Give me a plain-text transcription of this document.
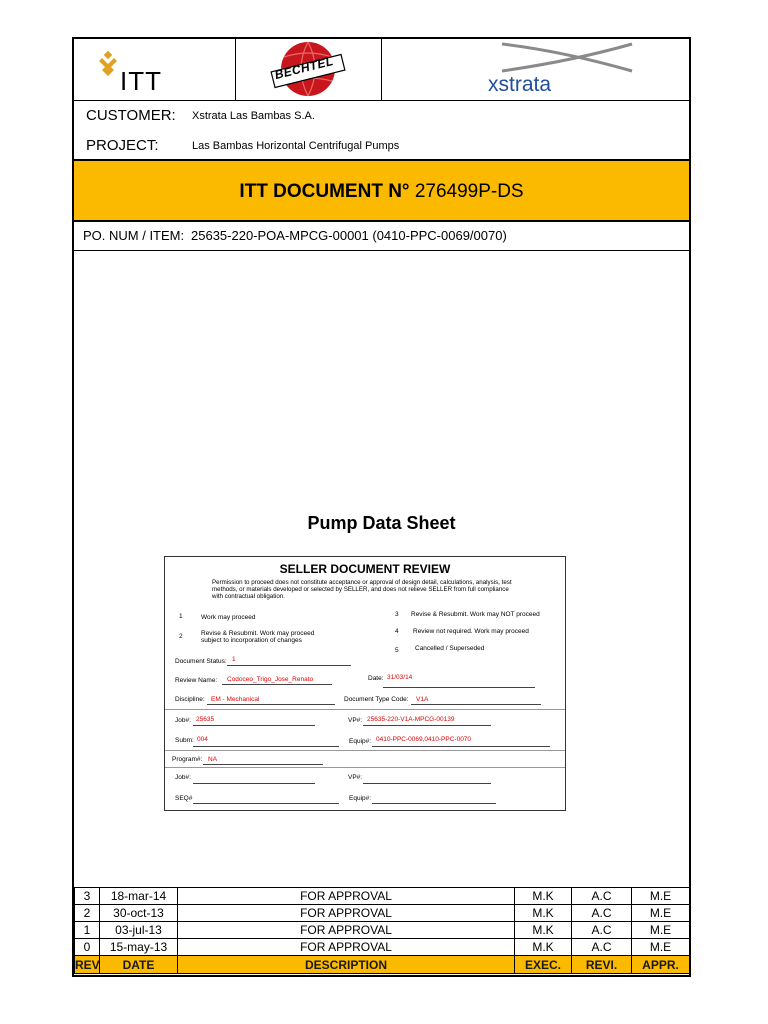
ITT	BECHTEL
xstrata
CUSTOMER: Xstrata Las Bambas S.A.
PROJECT:	Las Bambas Horizontal Centrifugal Pumps
ITT DOCUMENT N° 276499P-DS
PO. NUM / ITEM: 25635-220-POA-MPCG-00001 (0410-PPC-0069/0070)
Pump Data Sheet
SELLER DOCUMENT REVIEW
Permission to proceed does not constitute acceptance or approval of design detail, calculations, analysis, test methods, or materials developed or selected by SELLER, and does not relieve SELLER from full compliance with contractual obligation.
1	Work may proceed
2	Revise & Resubmit. Work may proceed subject to incorporation of changes
3 Revise & Resubmit. Work may NOT proceed
4 Review not required. Work may proceed
5	Cancelled / Superseded
Document Status: 1
Review Name: Codoceo_Trigo_Jose_Renato	Date: 31/03/14
Discipline: EM - Mechanical	Document Type Code: V1A
Job#: 25635	VP#: 25635-220-V1A-MPCG-00139
Subm: 004	Equip#: 0410-PPC-0069,0410-PPC-0070
Program#: NA
Job#:	VP#:
SEQ#	Equip#:
3	18-mar-14	FOR APPROVAL	M.K	A.C	M.E
2	30-oct-13	FOR APPROVAL	M.K	A.C	M.E
1	03-jul-13	FOR APPROVAL	M.K	A.C	M.E
0	15-may-13	FOR APPROVAL	M.K	A.C	M.E
REV	DATE	DESCRIPTION	EXEC.	REVI.	APPR.
